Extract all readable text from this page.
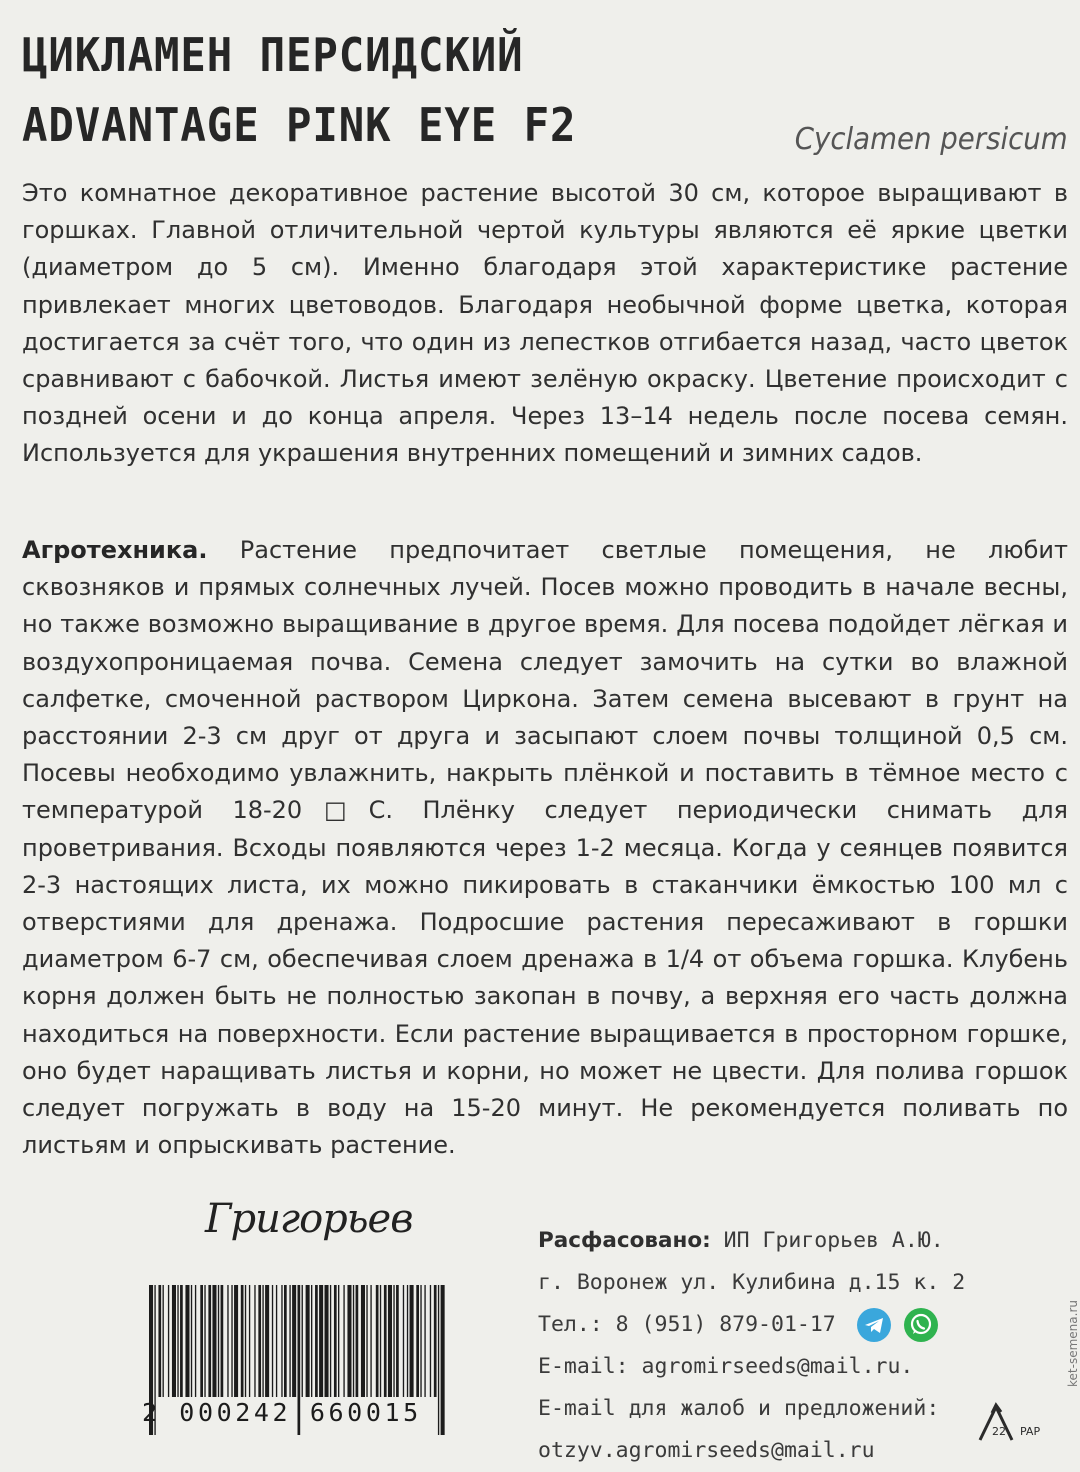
ЦИКЛАМЕН ПЕРСИДСКИЙ
ADVANTAGE PINK EYE F2	Cyclamen persicum
Это комнатное декоративное растение высотой 30 см, которое выращивают в горшках. Главной отличительной чертой культуры являются её яркие цветки (диаметром до 5 см). Именно благодаря этой характеристике растение привлекает многих цветоводов. Благодаря необычной форме цветка, которая достигается за счёт того, что один из лепестков отгибается назад, часто цветок сравнивают с бабочкой. Листья имеют зелёную окраску. Цветение происходит с поздней осени и до конца апреля. Через 13–14 недель после посева семян. Используется для украшения внутренних помещений и зимних садов.
Агротехника. Растение предпочитает светлые помещения, не любит сквозняков и прямых солнечных лучей. Посев можно проводить в начале весны, но также возможно выращивание в другое время. Для посева подойдет лёгкая и воздухопроницаемая почва. Семена следует замочить на сутки во влажной салфетке, смоченной раствором Циркона. Затем семена высевают в грунт на расстоянии 2-3 см друг от друга и засыпают слоем почвы толщиной 0,5 см. Посевы необходимо увлажнить, накрыть плёнкой и поставить в тёмное место с температурой 18-20□С. Плёнку следует периодически снимать для проветривания. Всходы появляются через 1-2 месяца. Когда у сеянцев появится 2-3 настоящих листа, их можно пикировать в стаканчики ёмкостью 100 мл с отверстиями для дренажа. Подросшие растения пересаживают в горшки диаметром 6-7 см, обеспечивая слоем дренажа в 1/4 от объема горшка. Клубень корня должен быть не полностью закопан в почву, а верхняя его часть должна находиться на поверхности. Если растение выращивается в просторном горшке, оно будет наращивать листья и корни, но может не цвести. Для полива горшок следует погружать в воду на 15-20 минут. Не рекомендуется поливать по листьям и опрыскивать растение.
Григорьев
2 000242 660015
Расфасовано: ИП Григорьев А.Ю.
г. Воронеж ул. Кулибина д.15 к. 2
Тел.: 8 (951) 879-01-17

E-mail: agromirseeds@mail.ru.
E-mail для жалоб и предложений:
otzyv.agromirseeds@mail.ru
22 PAP
ket-semena.ru
